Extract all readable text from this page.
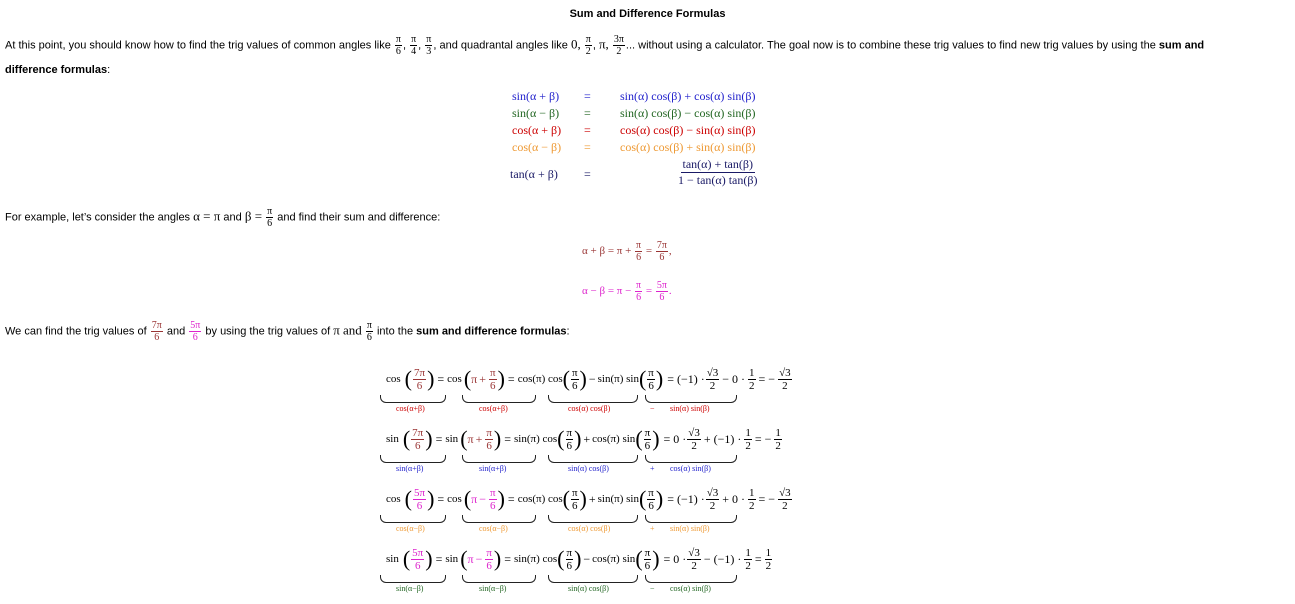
Sum and Difference Formulas
At this point, you should know how to find the trig values of common angles like $\frac{\pi}{6}$ , $\frac{\pi}{4}$ , $\frac{\pi}{3}$ , and quadrantal angles like 0, $\frac{\pi}{2}$ , π, $\frac{3\pi}{2}$ ... without using a calculator. The goal now is to combine these trig values to find new trig values by using the sum and
difference formulas:
sin(α + β) = sin(α) cos(β) + cos(α) sin(β)
sin(α − β) = sin(α) cos(β) − cos(α) sin(β)
cos(α + β) = cos(α) cos(β) − sin(α) sin(β)
cos(α − β) = cos(α) cos(β) + sin(α) sin(β)
tan(α + β) =	$\frac{\tan(\alpha) + \tan(\beta)}{1 - \tan(\alpha) \tan(\beta)}$
For example, let’s consider the angles α = π and $\beta = \frac{\pi}{6}$ and find their sum and difference:
$\alpha + \beta = \pi + \frac{\pi}{6} = \frac{7\pi}{6}$ ,
$\alpha - \beta = \pi - \frac{\pi}{6} = \frac{5\pi}{6}$ .
We can find the trig values of $\frac{7\pi}{6}$ and $\frac{5\pi}{6}$ by using the trig values of π and $\frac{\pi}{6}$ into the sum and difference formulas:
cos ( $\frac{7\pi}{6}$ ) = cos ( $\pi + \frac{\pi}{6}$ ) = cos(π) cos ( $\frac{\pi}{6}$ ) − sin(π) sin ( $\frac{\pi}{6}$ ) = $(-1) \cdot \frac{√3}{2} - 0 \cdot \frac{1}{2}$ = − $\frac{√3}{2}$
cos(α+β)	cos(α+β)	cos(α) cos(β)	sin(α) sin(β)
−
sin ( $\frac{7\pi}{6}$ ) = sin ( $\pi + \frac{\pi}{6}$ ) = sin(π) cos ( $\frac{\pi}{6}$ ) + cos(π) sin ( $\frac{\pi}{6}$ ) = $0 \cdot \frac{√3}{2} + (-1) \cdot \frac{1}{2}$ = − $\frac{1}{2}$
sin(α+β)	sin(α+β)	sin(α) cos(β)	cos(α) sin(β)
+
cos ( $\frac{5\pi}{6}$ ) = cos ( $\pi - \frac{\pi}{6}$ ) = cos(π) cos ( $\frac{\pi}{6}$ ) + sin(π) sin ( $\frac{\pi}{6}$ ) = $(-1) \cdot \frac{√3}{2} + 0 \cdot \frac{1}{2}$ = − $\frac{√3}{2}$
cos(α−β)	cos(α−β)	cos(α) cos(β)	sin(α) sin(β)
+
sin ( $\frac{5\pi}{6}$ ) = sin ( $\pi - \frac{\pi}{6}$ ) = sin(π) cos ( $\frac{\pi}{6}$ ) − cos(π) sin ( $\frac{\pi}{6}$ ) = $0 \cdot \frac{√3}{2} - (-1) \cdot \frac{1}{2} = \frac{1}{2}$
sin(α−β)	sin(α−β)	sin(α) cos(β)	cos(α) sin(β)
−
